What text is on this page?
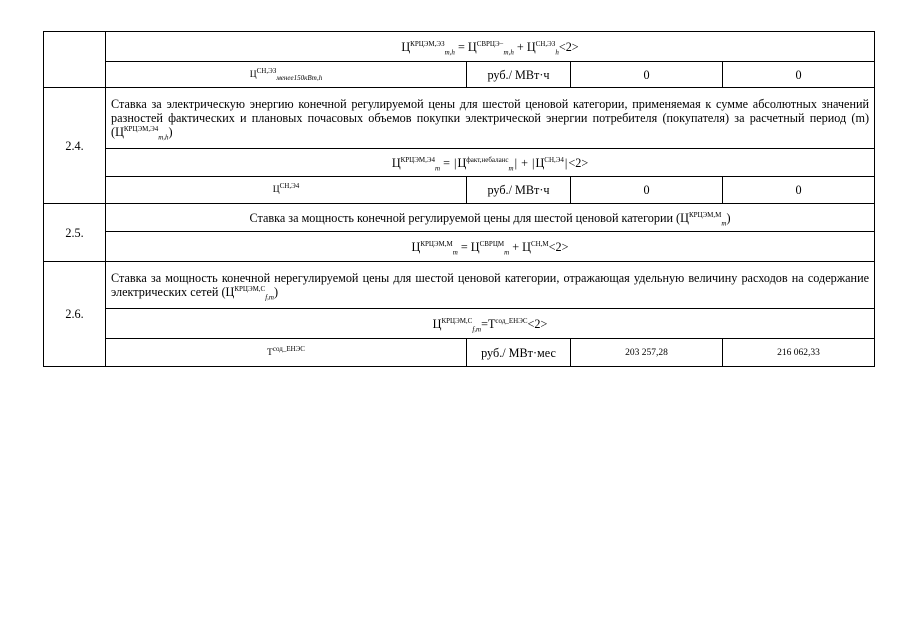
	$Ц^{КРЦЭМ,ЭЗ}_{m,h} = Ц^{СВРЦЭ-}_{m,h} + Ц^{СН,ЭЗ}_h<2>$			
	$Ц^{СН,ЭЗ}_{менее150кВт,h}$	руб./ МВт·ч	0	0
2.4.	Ставка за электрическую энергию конечной регулируемой цены для шестой ценовой категории, применяемая к сумме абсолютных значений разностей фактических и плановых почасовых объемов покупки электрической энергии потребителя (покупателя) за расчетный период (m) $(Ц^{КРЦЭМ,Э4}_{m,h})$			
	$Ц^{КРЦЭМ,Э4}_m = |Ц^{факт,небаланс}_m| + |Ц^{СН,Э4}|<2>$			
	$Ц^{СН,Э4}$	руб./ МВт·ч	0	0
2.5.	Ставка за мощность конечной регулируемой цены для шестой ценовой категории $(Ц^{КРЦЭМ,М}_m)$			
	$Ц^{КРЦЭМ,М}_m = Ц^{СВРЦМ}_m + Ц^{СН,М}<2>$			
2.6.	Ставка за мощность конечной нерегулируемой цены для шестой ценовой категории, отражающая удельную величину расходов на содержание электрических сетей $(Ц^{КРЦЭМ,С}_{f,m})$			
	$Ц^{КРЦЭМ,С}_{f,m}=Т^{сод\_ЕНЭС}<2>$			
	$Т^{сод\_ЕНЭС}$	руб./ МВт·мес	203 257,28	216 062,33
